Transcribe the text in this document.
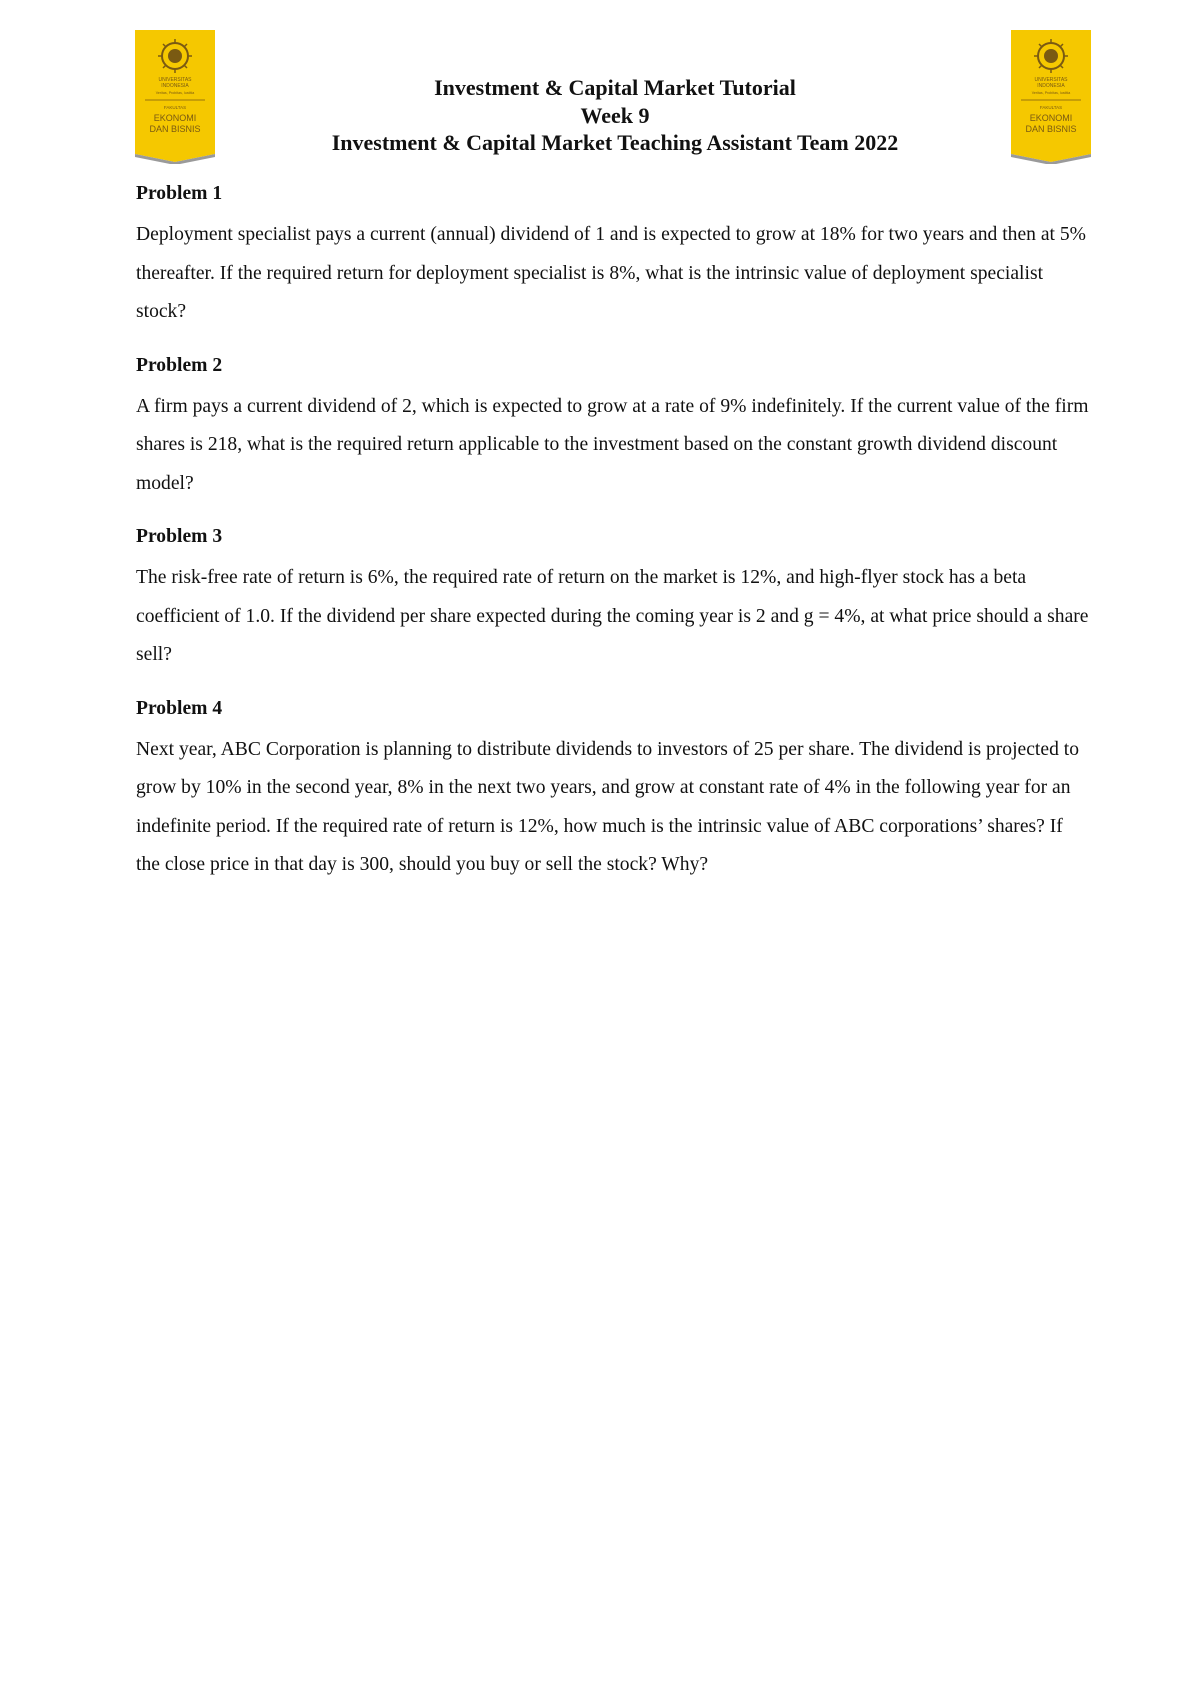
UNIVERSITAS
INDONESIA
Veritas, Probitas, Iustitia
FAKULTAS
EKONOMI
DAN BISNIS
UNIVERSITAS
INDONESIA
Veritas, Probitas, Iustitia
FAKULTAS
EKONOMI
DAN BISNIS
Investment & Capital Market Tutorial
Week 9
Investment & Capital Market Teaching Assistant Team 2022
Problem 1

Deployment specialist pays a current (annual) dividend of 1 and is expected to grow at 18% for two years and then at 5% thereafter. If the required return for deployment specialist is 8%, what is the intrinsic value of deployment specialist stock?

Problem 2

A firm pays a current dividend of 2, which is expected to grow at a rate of 9% indefinitely. If the current value of the firm shares is 218, what is the required return applicable to the investment based on the constant growth dividend discount model?

Problem 3

The risk-free rate of return is 6%, the required rate of return on the market is 12%, and high-flyer stock has a beta coefficient of 1.0. If the dividend per share expected during the coming year is 2 and g = 4%, at what price should a share sell?

Problem 4

Next year, ABC Corporation is planning to distribute dividends to investors of 25 per share. The dividend is projected to grow by 10% in the second year, 8% in the next two years, and grow at constant rate of 4% in the following year for an indefinite period. If the required rate of return is 12%, how much is the intrinsic value of ABC corporations’ shares? If the close price in that day is 300, should you buy or sell the stock? Why?
